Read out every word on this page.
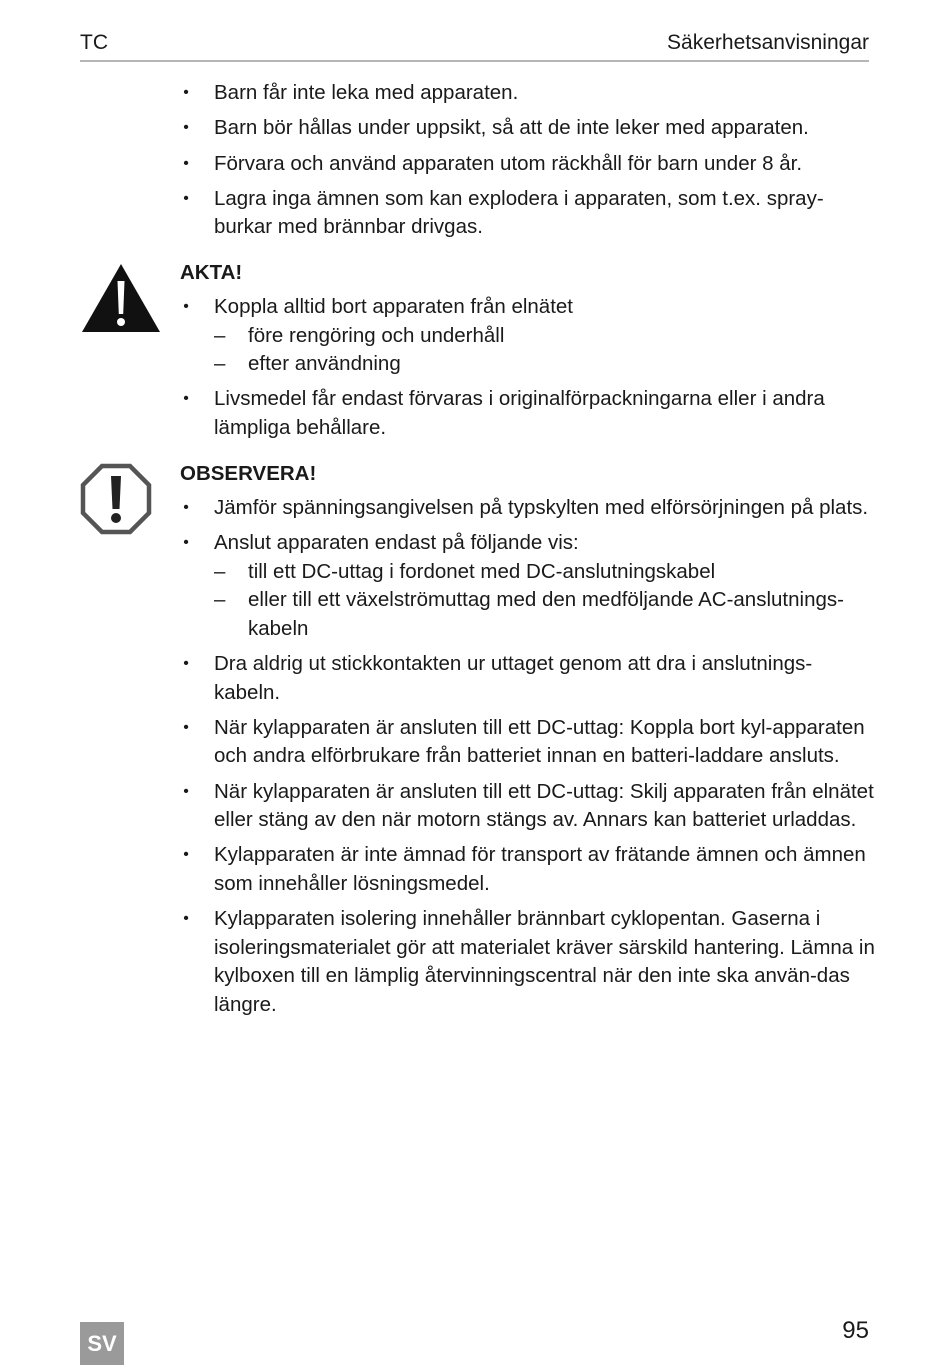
TC	Säkerhetsanvisningar
• Barn får inte leka med apparaten.
• Barn bör hållas under uppsikt, så att de inte leker med apparaten.
• Förvara och använd apparaten utom räckhåll för barn under 8 år.
• Lagra inga ämnen som kan explodera i apparaten, som t.ex. spray-burkar med brännbar drivgas.
AKTA!
• Koppla alltid bort apparaten från elnätet
– före rengöring och underhåll
– efter användning
• Livsmedel får endast förvaras i originalförpackningarna eller i andra lämpliga behållare.
OBSERVERA!
• Jämför spänningsangivelsen på typskylten med elförsörjningen på plats.
• Anslut apparaten endast på följande vis:
– till ett DC-uttag i fordonet med DC-anslutningskabel
– eller till ett växelströmuttag med den medföljande AC-anslutnings-kabeln
• Dra aldrig ut stickkontakten ur uttaget genom att dra i anslutnings-kabeln.
• När kylapparaten är ansluten till ett DC-uttag: Koppla bort kyl-apparaten och andra elförbrukare från batteriet innan en batteri-laddare ansluts.
• När kylapparaten är ansluten till ett DC-uttag: Skilj apparaten från elnätet eller stäng av den när motorn stängs av. Annars kan batteriet urladdas.
• Kylapparaten är inte ämnad för transport av frätande ämnen och ämnen som innehåller lösningsmedel.
• Kylapparaten isolering innehåller brännbart cyklopentan. Gaserna i isoleringsmaterialet gör att materialet kräver särskild hantering. Lämna in kylboxen till en lämplig återvinningscentral när den inte ska använ-das längre.
SV	95
